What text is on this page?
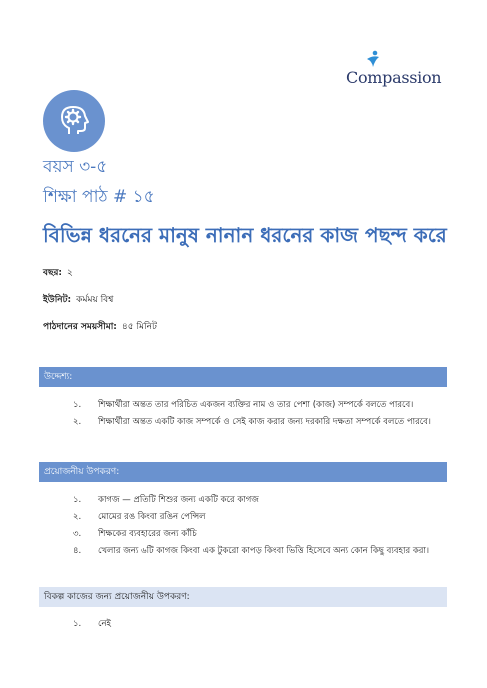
Compassion
বয়স ৩-৫
শিক্ষা পাঠ # ১৫
বিভিন্ন ধরনের মানুষ নানান ধরনের কাজ পছন্দ করে
বছর: ২
ইউনিট: কর্মময় বিশ্ব
পাঠদানের সময়সীমা: ৪৫ মিনিট
উদ্দেশ্য:
১.	শিক্ষার্থীরা অন্তত তার পরিচিত একজন ব্যক্তির নাম ও তার পেশা (কাজ) সম্পর্কে বলতে পারবে।
২.	শিক্ষার্থীরা অন্তত একটি কাজ সম্পর্কে ও সেই কাজ করার জন্য দরকারি দক্ষতা সম্পর্কে বলতে পারবে।
প্রয়োজনীয় উপকরণ:
১.	কাগজ — প্রতিটি শিশুর জন্য একটি করে কাগজ
২.	মোমের রঙ কিংবা রঙিন পেন্সিল
৩.	শিক্ষকের ব্যবহারের জন্য কাঁচি
৪.	খেলার জন্য ৬টি কাগজ কিংবা এক টুকরো কাপড় কিংবা ভিত্তি হিসেবে অন্য কোন কিছু ব্যবহার করা।
বিকল্প কাজের জন্য প্রয়োজনীয় উপকরণ:
১.	নেই
